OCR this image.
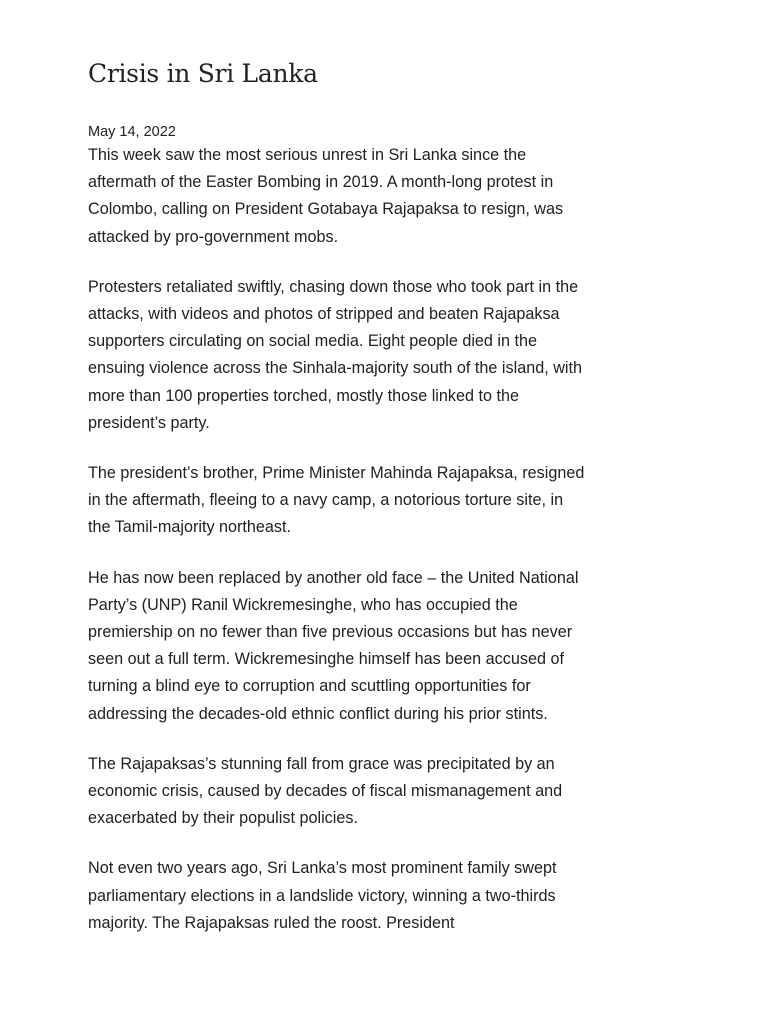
Crisis in Sri Lanka
May 14, 2022

This week saw the most serious unrest in Sri Lanka since the aftermath of the Easter Bombing in 2019. A month-long protest in Colombo, calling on President Gotabaya Rajapaksa to resign, was attacked by pro-government mobs.

Protesters retaliated swiftly, chasing down those who took part in the attacks, with videos and photos of stripped and beaten Rajapaksa supporters circulating on social media. Eight people died in the ensuing violence across the Sinhala-majority south of the island, with more than 100 properties torched, mostly those linked to the president’s party.

The president’s brother, Prime Minister Mahinda Rajapaksa, resigned in the aftermath, fleeing to a navy camp, a notorious torture site, in the Tamil-majority northeast.

He has now been replaced by another old face – the United National Party’s (UNP) Ranil Wickremesinghe, who has occupied the premiership on no fewer than five previous occasions but has never seen out a full term. Wickremesinghe himself has been accused of turning a blind eye to corruption and scuttling opportunities for addressing the decades-old ethnic conflict during his prior stints.

The Rajapaksas’s stunning fall from grace was precipitated by an economic crisis, caused by decades of fiscal mismanagement and exacerbated by their populist policies.

Not even two years ago, Sri Lanka’s most prominent family swept parliamentary elections in a landslide victory, winning a two-thirds majority. The Rajapaksas ruled the roost. President
